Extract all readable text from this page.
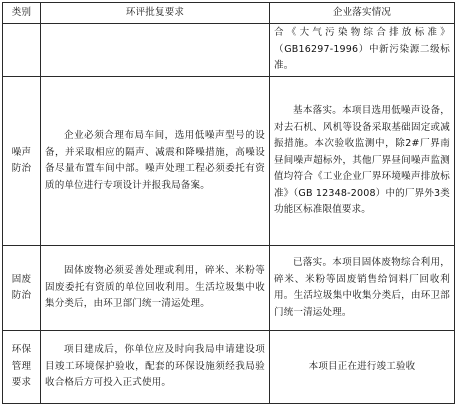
类别	环评批复要求	企业落实情况
		合《大气污染物综合排放标准》（GB16297-1996）中新污染源二级标准。
噪声防治	企业必须合理布局车间，选用低噪声型号的设备，并采取相应的隔声、减震和降噪措施，高噪设备尽量布置车间中部。噪声处理工程必须委托有资质的单位进行专项设计并报我局备案。	基本落实。本项目选用低噪声设备，对去石机、风机等设备采取基础固定或减振措施。本次验收监测中，除2#厂界南昼间噪声超标外，其他厂界昼间噪声监测值均符合《工业企业厂界环境噪声排放标准》（GB 12348-2008）中的厂界外3类功能区标准限值要求。
固废防治	固体废物必须妥善处理或利用，碎米、米粉等固废委托有资质的单位回收利用。生活垃圾集中收集分类后，由环卫部门统一清运处理。	已落实。本项目固体废物综合利用，碎米、米粉等固废销售给饲料厂回收利用。生活垃圾集中收集分类后，由环卫部门统一清运处理。
环保管理要求	项目建成后，你单位应及时向我局申请建设项目竣工环境保护验收，配套的环保设施须经我局验收合格后方可投入正式使用。	本项目正在进行竣工验收
